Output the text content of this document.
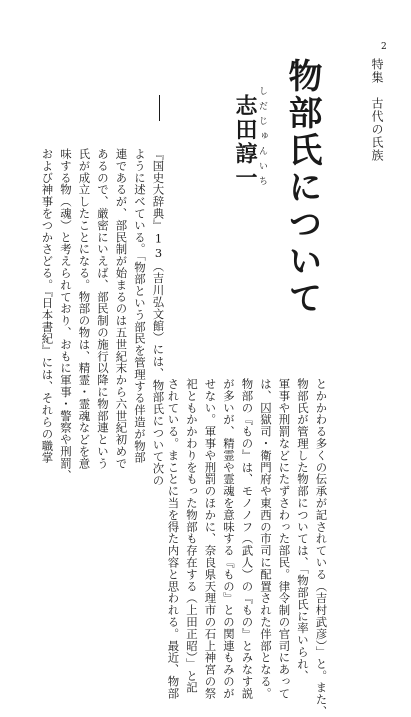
2
特集　古代の氏族
物部氏について
しだじゅんいち
志田諄一
『国史大辞典』13（吉川弘文館）には、物部氏について次の
ように述べている。「物部という部民を管理する伴造が物部
連であるが、部民制が始まるのは五世紀末から六世紀初めで
あるので、厳密にいえば、部民制の施行以降に物部連という
氏が成立したことになる。物部の物は、精霊・霊魂などを意
味する物（魂）と考えられており、おもに軍事・警察や刑罰、
および神事をつかさどる。『日本書紀』には、それらの職掌
とかかわる多くの伝承が記されている（吉村武彦）」と。また、
物部氏が管理した物部については、「物部氏に率いられ、
軍事や刑罰などにたずさわった部民。律令制の官司にあって
は、囚獄司・衛門府や東西の市司に配置された伴部となる。
物部の『もの』は、モノノフ（武人）の『もの』とみなす説
が多いが、精霊や霊魂を意味する『もの』との関連もみのが
せない。軍事や刑罰のほかに、奈良県天理市の石上神宮の祭
祀ともかかわりをもった物部も存在する（上田正昭）」と記
されている。まことに当を得た内容と思われる。最近、物部
